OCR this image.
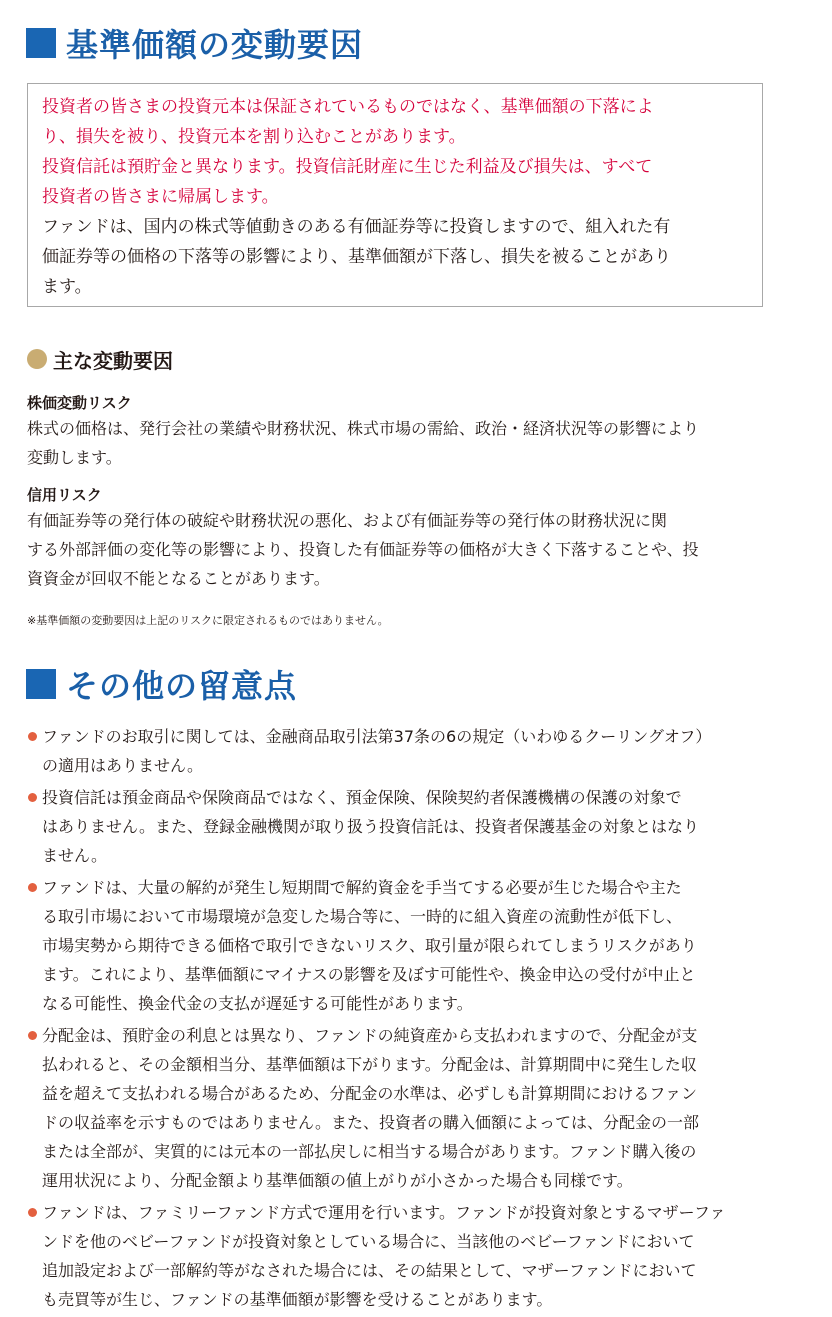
基準価額の変動要因
投資者の皆さまの投資元本は保証されているものではなく、基準価額の下落によ
り、損失を被り、投資元本を割り込むことがあります。
投資信託は預貯金と異なります。投資信託財産に生じた利益及び損失は、すべて
投資者の皆さまに帰属します。
ファンドは、国内の株式等値動きのある有価証券等に投資しますので、組入れた有
価証券等の価格の下落等の影響により、基準価額が下落し、損失を被ることがあり
ます。
主な変動要因
株価変動リスク
株式の価格は、発行会社の業績や財務状況、株式市場の需給、政治・経済状況等の影響により
変動します。
信用リスク
有価証券等の発行体の破綻や財務状況の悪化、および有価証券等の発行体の財務状況に関
する外部評価の変化等の影響により、投資した有価証券等の価格が大きく下落することや、投
資資金が回収不能となることがあります。
※基準価額の変動要因は上記のリスクに限定されるものではありません。
その他の留意点
ファンドのお取引に関しては、金融商品取引法第37条の6の規定（いわゆるクーリングオフ）
の適用はありません。
投資信託は預金商品や保険商品ではなく、預金保険、保険契約者保護機構の保護の対象で
はありません。また、登録金融機関が取り扱う投資信託は、投資者保護基金の対象とはなり
ません。
ファンドは、大量の解約が発生し短期間で解約資金を手当てする必要が生じた場合や主た
る取引市場において市場環境が急変した場合等に、一時的に組入資産の流動性が低下し、
市場実勢から期待できる価格で取引できないリスク、取引量が限られてしまうリスクがあり
ます。これにより、基準価額にマイナスの影響を及ぼす可能性や、換金申込の受付が中止と
なる可能性、換金代金の支払が遅延する可能性があります。
分配金は、預貯金の利息とは異なり、ファンドの純資産から支払われますので、分配金が支
払われると、その金額相当分、基準価額は下がります。分配金は、計算期間中に発生した収
益を超えて支払われる場合があるため、分配金の水準は、必ずしも計算期間におけるファン
ドの収益率を示すものではありません。また、投資者の購入価額によっては、分配金の一部
または全部が、実質的には元本の一部払戻しに相当する場合があります。ファンド購入後の
運用状況により、分配金額より基準価額の値上がりが小さかった場合も同様です。
ファンドは、ファミリーファンド方式で運用を行います。ファンドが投資対象とするマザーファ
ンドを他のベビーファンドが投資対象としている場合に、当該他のベビーファンドにおいて
追加設定および一部解約等がなされた場合には、その結果として、マザーファンドにおいて
も売買等が生じ、ファンドの基準価額が影響を受けることがあります。
